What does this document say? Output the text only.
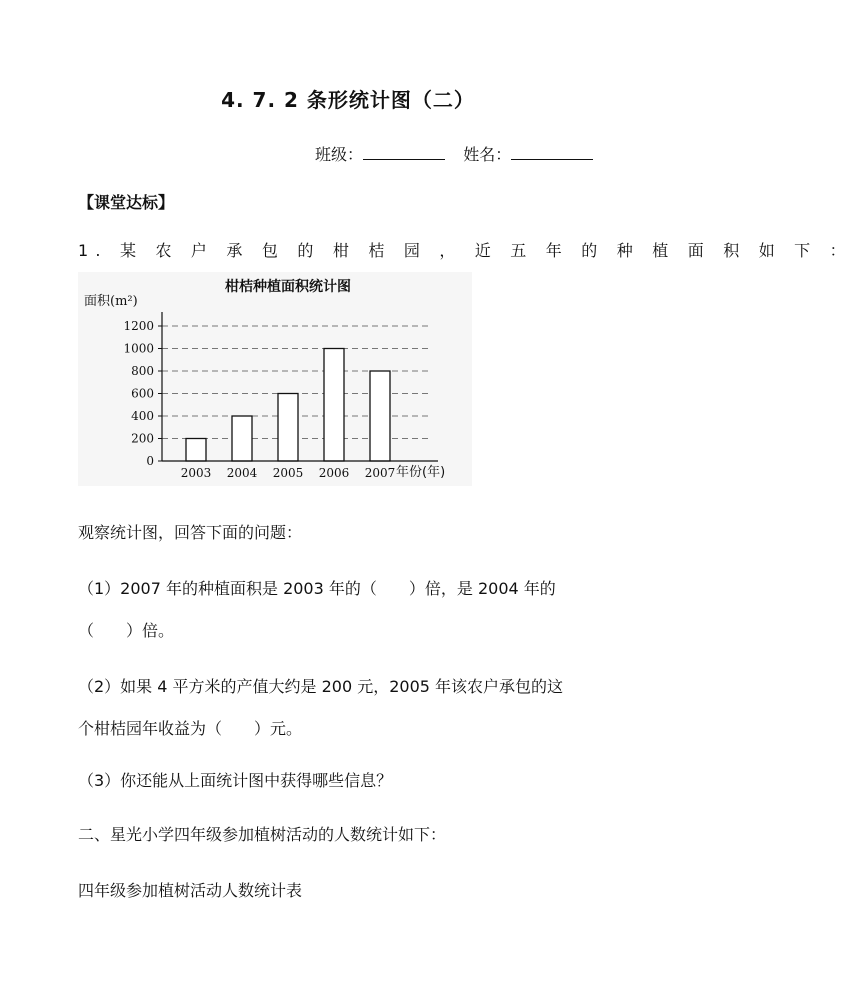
4. 7. 2 条形统计图（二）
班级：	姓名：
【课堂达标】
1. 某 农 户 承 包 的 柑 桔 园 ， 近 五 年 的 种 植 面 积 如 下 ：
柑桔种植面积统计图
面积(m²)
年份(年)
0
200
400
600
800
1000
1200
2003 2004 2005 2006 2007
观察统计图，回答下面的问题：
（1）2007 年的种植面积是 2003 年的（　　）倍，是 2004 年的
（　　）倍。
（2）如果 4 平方米的产值大约是 200 元，2005 年该农户承包的这
个柑桔园年收益为（　　）元。
（3）你还能从上面统计图中获得哪些信息？
二、星光小学四年级参加植树活动的人数统计如下：
四年级参加植树活动人数统计表
